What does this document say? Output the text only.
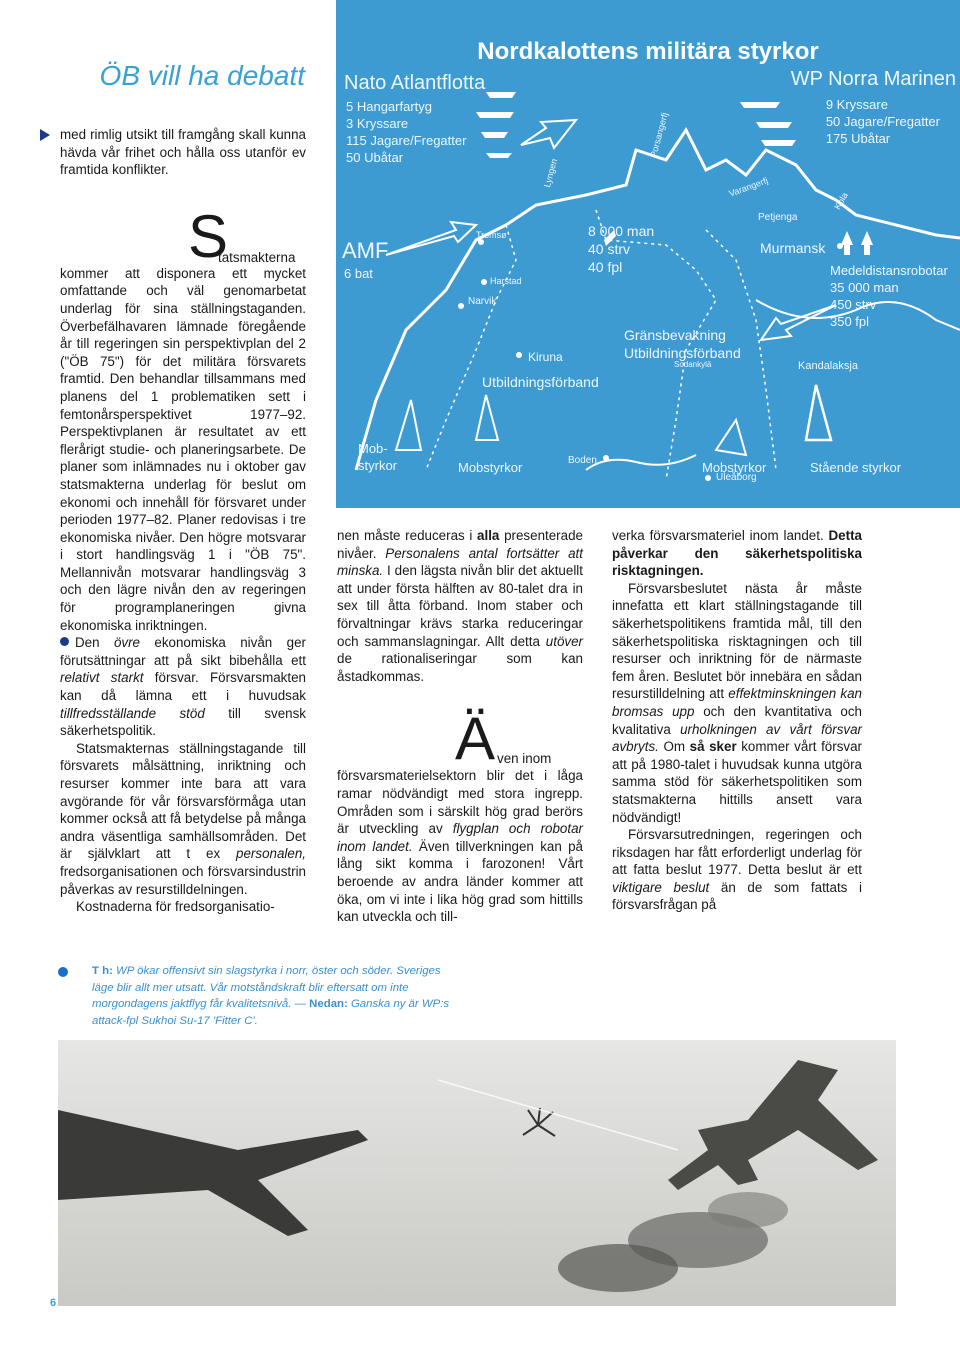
ÖB vill ha debatt

med rimlig utsikt till framgång skall kunna hävda vår frihet och hålla oss utanför ev framtida konflikter.

S
tatsmakterna

kommer att disponera ett mycket omfattande och väl genomarbetat underlag för sina ställningstaganden. Överbefälhavaren lämnade föregående år till regeringen sin perspektivplan del 2 ("ÖB 75") för det militära försvarets framtid. Den behandlar tillsammans med planens del 1 problematiken sett i femtonårsperspektivet 1977–92. Perspektivplanen är resultatet av ett flerårigt studie- och planeringsarbete. De planer som inlämnades nu i oktober gav statsmakterna underlag för beslut om ekonomi och innehåll för försvaret under perioden 1977–82. Planer redovisas i tre ekonomiska nivåer. Den högre motsvarar i stort handlingsväg 1 i "ÖB 75". Mellannivån motsvarar handlingsväg 3 och den lägre nivån den av regeringen för programplaneringen givna ekonomiska inriktningen.

Den övre ekonomiska nivån ger förutsättningar att på sikt bibehålla ett relativt starkt försvar. Försvarsmakten kan då lämna ett i huvudsak tillfredsställande stöd till svensk säkerhetspolitik.

Statsmakternas ställningstagande till försvarets målsättning, inriktning och resurser kommer inte bara att vara avgörande för vår försvarsförmåga utan kommer också att få betydelse på många andra väsentliga samhällsområden. Det är självklart att t ex personalen, fredsorganisationen och försvarsindustrin påverkas av resurstilldelningen.

Kostnaderna för fredsorganisatio-

nen måste reduceras i alla presenterade nivåer. Personalens antal fortsätter att minska. I den lägsta nivån blir det aktuellt att under första hälften av 80-talet dra in sex till åtta förband. Inom staber och förvaltningar krävs starka reduceringar och sammanslagningar. Allt detta utöver de rationaliseringar som kan åstadkommas.

Ä ven inom

försvarsmaterielsektorn blir det i låga ramar nödvändigt med stora ingrepp. Områden som i särskilt hög grad berörs är utveckling av flygplan och robotar inom landet. Även tillverkningen kan på lång sikt komma i farozonen! Vårt beroende av andra länder kommer att öka, om vi inte i lika hög grad som hittills kan utveckla och till-

verka försvarsmateriel inom landet. Detta påverkar den säkerhetspolitiska risktagningen.

Försvarsbeslutet nästa år måste innefatta ett klart ställningstagande till säkerhetspolitikens framtida mål, till den säkerhetspolitiska risktagningen och till resurser och inriktning för de närmaste fem åren. Beslutet bör innebära en sådan resurstilldelning att effektminskningen kan bromsas upp och den kvantitativa och kvalitativa urholkningen av vårt försvar avbryts. Om så sker kommer vårt försvar att på 1980-talet i huvudsak kunna utgöra samma stöd för säkerhetspolitiken som statsmakterna hittills ansett vara nödvändigt!

Försvarsutredningen, regeringen och riksdagen har fått erforderligt underlag för att fatta beslut 1977. Detta beslut är ett viktigare beslut än de som fattats i försvarsfrågan på

Nordkalottens militära styrkor
Nato Atlantflotta
5 Hangarfartyg
3 Kryssare
115 Jagare/Fregatter
50 Ubåtar
WP Norra Marinen
9 Kryssare
50 Jagare/Fregatter
175 Ubåtar
AMF
6 bat
8 000 man
40 strv
40 fpl
Murmansk
Petjenga
Varangerfj
Kola
Medeldistansrobotar
35 000 man
450 strv
350 fpl
Tromsø
Harstad
Narvik
Lyngen
Porsangerfj
Kiruna
Boden
Uleåborg
Sodankylä	Kandalaksja
Gränsbevakning
Utbildningsförband
Utbildningsförband
Mob-
styrkor	Mobstyrkor	Mobstyrkor	Stående styrkor
T h: WP ökar offensivt sin slagstyrka i norr, öster och söder. Sveriges läge blir allt mer utsatt. Vår motståndskraft blir eftersatt om inte morgondagens jaktflyg får kvalitetsnivå. — Nedan: Ganska ny är WP:s attack-fpl Sukhoi Su-17 'Fitter C'.
6
